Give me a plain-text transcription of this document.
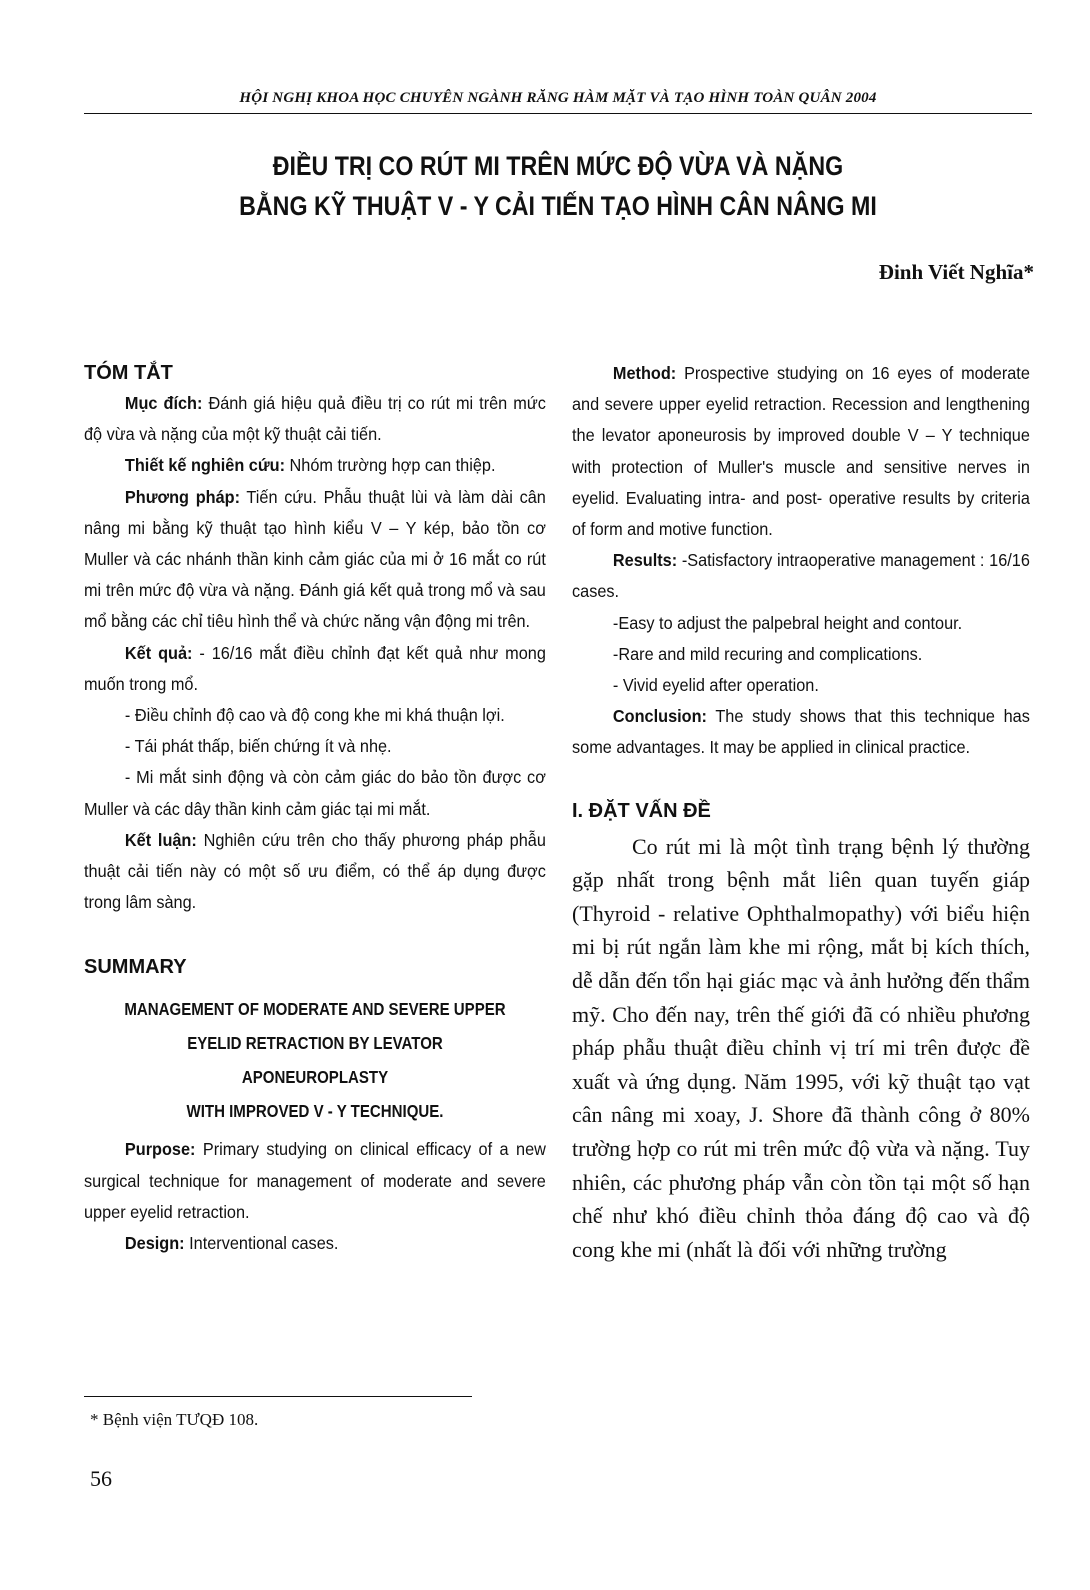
HỘI NGHỊ KHOA HỌC CHUYÊN NGÀNH RĂNG HÀM MẶT VÀ TẠO HÌNH TOÀN QUÂN 2004
ĐIỀU TRỊ CO RÚT MI TRÊN MỨC ĐỘ VỪA VÀ NẶNG
BẰNG KỸ THUẬT V - Y CẢI TIẾN TẠO HÌNH CÂN NÂNG MI
Đinh Viết Nghĩa*
TÓM TẮT

Mục đích: Đánh giá hiệu quả điều trị co rút mi trên mức độ vừa và nặng của một kỹ thuật cải tiến.

Thiết kế nghiên cứu: Nhóm trường hợp can thiệp.

Phương pháp: Tiến cứu. Phẫu thuật lùi và làm dài cân nâng mi bằng kỹ thuật tạo hình kiểu V – Y kép, bảo tồn cơ Muller và các nhánh thần kinh cảm giác của mi ở 16 mắt co rút mi trên mức độ vừa và nặng. Đánh giá kết quả trong mổ và sau mổ bằng các chỉ tiêu hình thể và chức năng vận động mi trên.

Kết quả: - 16/16 mắt điều chỉnh đạt kết quả như mong muốn trong mổ.

- Điều chỉnh độ cao và độ cong khe mi khá thuận lợi.

- Tái phát thấp, biến chứng ít và nhẹ.

- Mi mắt sinh động và còn cảm giác do bảo tồn được cơ Muller và các dây thần kinh cảm giác tại mi mắt.

Kết luận: Nghiên cứu trên cho thấy phương pháp phẫu thuật cải tiến này có một số ưu điểm, có thể áp dụng được trong lâm sàng.

SUMMARY
MANAGEMENT OF MODERATE AND SEVERE UPPER
EYELID RETRACTION BY LEVATOR APONEUROPLASTY
WITH IMPROVED V - Y TECHNIQUE.

Purpose: Primary studying on clinical efficacy of a new surgical technique for management of moderate and severe upper eyelid retraction.

Design: Interventional cases.

Method: Prospective studying on 16 eyes of moderate and severe upper eyelid retraction. Recession and lengthening the levator aponeurosis by improved double V – Y technique with protection of Muller's muscle and sensitive nerves in eyelid. Evaluating intra- and post- operative results by criteria of form and motive function.

Results: -Satisfactory intraoperative management : 16/16 cases.

-Easy to adjust the palpebral height and contour.

-Rare and mild recuring and complications.

- Vivid eyelid after operation.

Conclusion: The study shows that this technique has some advantages. It may be applied in clinical practice.

I. ĐẶT VẤN ĐỀ

Co rút mi là một tình trạng bệnh lý thường gặp nhất trong bệnh mắt liên quan tuyến giáp (Thyroid - relative Ophthalmopathy) với biểu hiện mi bị rút ngắn làm khe mi rộng, mắt bị kích thích, dễ dẫn đến tổn hại giác mạc và ảnh hưởng đến thẩm mỹ. Cho đến nay, trên thế giới đã có nhiều phương pháp phẫu thuật điều chỉnh vị trí mi trên được đề xuất và ứng dụng. Năm 1995, với kỹ thuật tạo vạt cân nâng mi xoay, J. Shore đã thành công ở 80% trường hợp co rút mi trên mức độ vừa và nặng. Tuy nhiên, các phương pháp vẫn còn tồn tại một số hạn chế như khó điều chỉnh thỏa đáng độ cao và độ cong khe mi (nhất là đối với những trường

* Bệnh viện TƯQĐ 108.
56
